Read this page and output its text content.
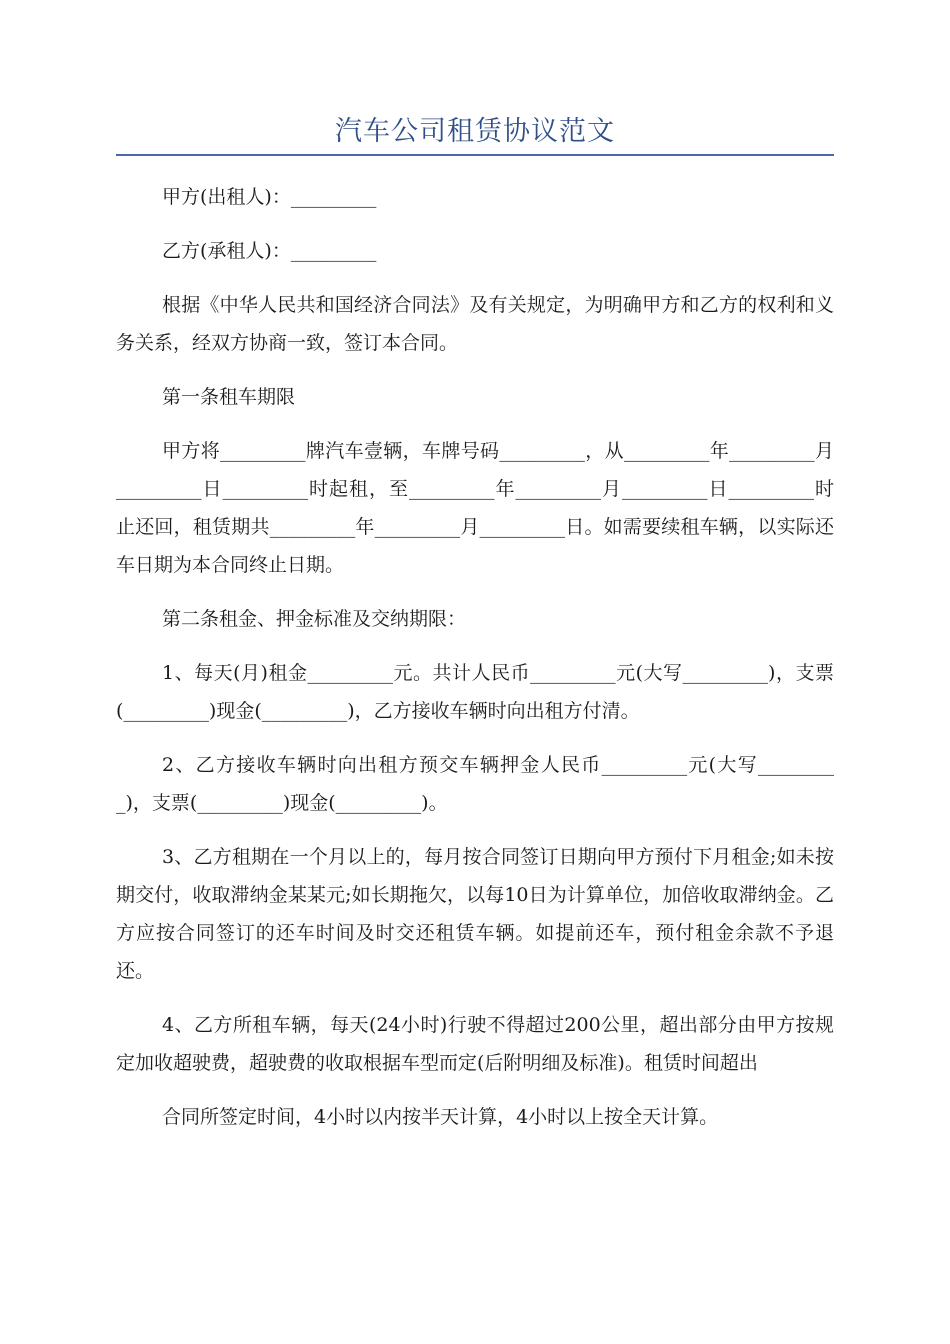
汽车公司租赁协议范文

甲方(出租人)：_________

乙方(承租人)：_________

根据《中华人民共和国经济合同法》及有关规定，为明确甲方和乙方的权利和义务关系，经双方协商一致，签订本合同。

第一条租车期限

甲方将_________牌汽车壹辆，车牌号码_________，从_________年_________月_________日_________时起租，至_________年_________月_________日_________时止还回，租赁期共_________年_________月_________日。如需要续租车辆，以实际还车日期为本合同终止日期。

第二条租金、押金标准及交纳期限：

1、每天(月)租金_________元。共计人民币_________元(大写_________)，支票(_________)现金(_________)，乙方接收车辆时向出租方付清。

2、乙方接收车辆时向出租方预交车辆押金人民币_________元(大写_________)，支票(_________)现金(_________)。

3、乙方租期在一个月以上的，每月按合同签订日期向甲方预付下月租金;如未按期交付，收取滞纳金某某元;如长期拖欠，以每10日为计算单位，加倍收取滞纳金。乙方应按合同签订的还车时间及时交还租赁车辆。如提前还车，预付租金余款不予退还。

4、乙方所租车辆，每天(24小时)行驶不得超过200公里，超出部分由甲方按规定加收超驶费，超驶费的收取根据车型而定(后附明细及标准)。租赁时间超出

合同所签定时间，4小时以内按半天计算，4小时以上按全天计算。
